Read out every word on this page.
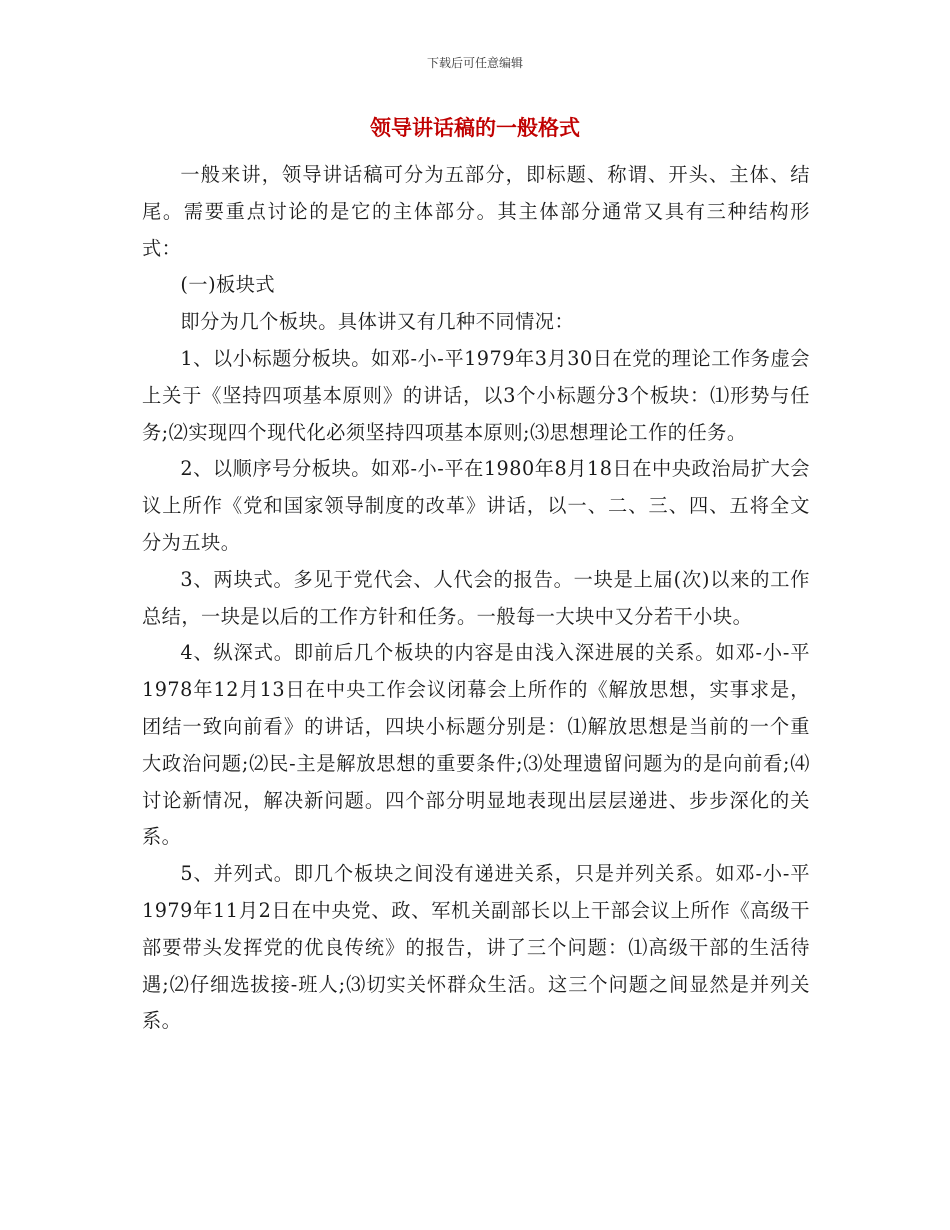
下载后可任意编辑
领导讲话稿的一般格式

一般来讲，领导讲话稿可分为五部分，即标题、称谓、开头、主体、结尾。需要重点讨论的是它的主体部分。其主体部分通常又具有三种结构形式：

(一)板块式

即分为几个板块。具体讲又有几种不同情况：

1、以小标题分板块。如邓-小-平1979年3月30日在党的理论工作务虚会上关于《坚持四项基本原则》的讲话，以3个小标题分3个板块：⑴形势与任务;⑵实现四个现代化必须坚持四项基本原则;⑶思想理论工作的任务。

2、以顺序号分板块。如邓-小-平在1980年8月18日在中央政治局扩大会议上所作《党和国家领导制度的改革》讲话，以一、二、三、四、五将全文分为五块。

3、两块式。多见于党代会、人代会的报告。一块是上届(次)以来的工作总结，一块是以后的工作方针和任务。一般每一大块中又分若干小块。

4、纵深式。即前后几个板块的内容是由浅入深进展的关系。如邓-小-平1978年12月13日在中央工作会议闭幕会上所作的《解放思想，实事求是，团结一致向前看》的讲话，四块小标题分别是：⑴解放思想是当前的一个重大政治问题;⑵民-主是解放思想的重要条件;⑶处理遗留问题为的是向前看;⑷讨论新情况，解决新问题。四个部分明显地表现出层层递进、步步深化的关系。

5、并列式。即几个板块之间没有递进关系，只是并列关系。如邓-小-平1979年11月2日在中央党、政、军机关副部长以上干部会议上所作《高级干部要带头发挥党的优良传统》的报告，讲了三个问题：⑴高级干部的生活待遇;⑵仔细选拔接-班人;⑶切实关怀群众生活。这三个问题之间显然是并列关系。
